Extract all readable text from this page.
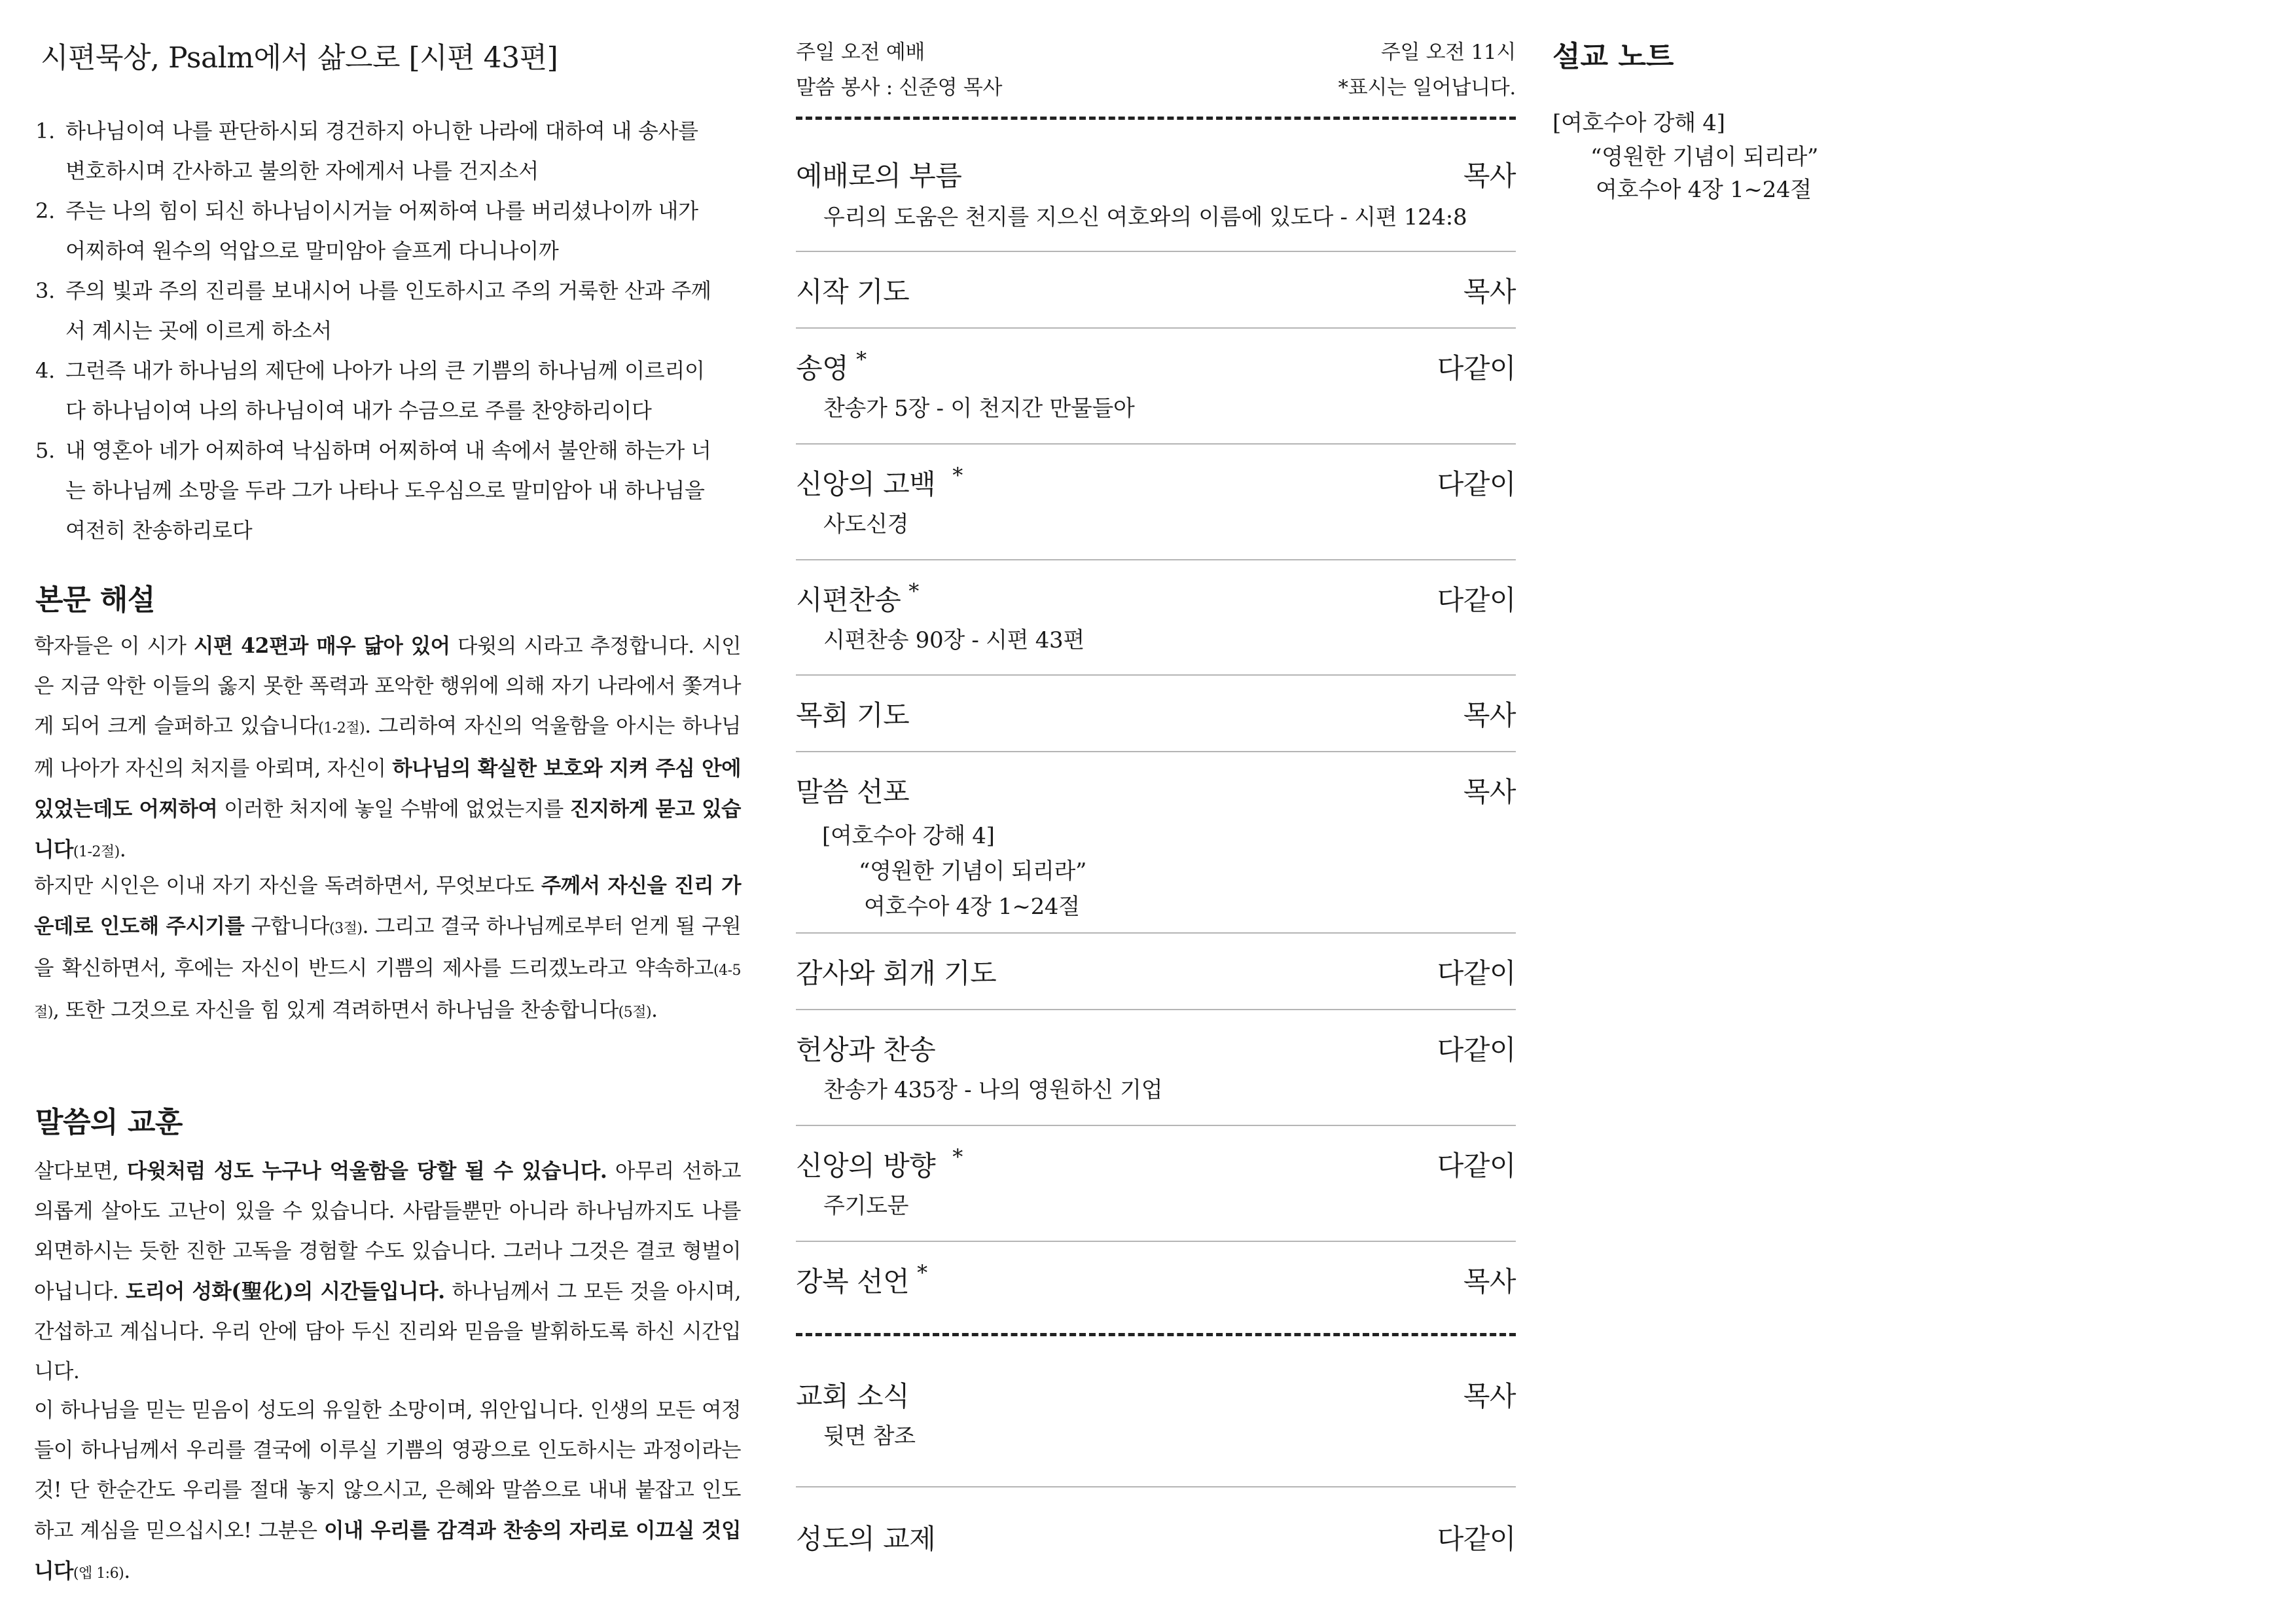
시편묵상, Psalm에서 삶으로 [시편 43편]
1. 하나님이여 나를 판단하시되 경건하지 아니한 나라에 대하여 내 송사를
변호하시며 간사하고 불의한 자에게서 나를 건지소서
2. 주는 나의 힘이 되신 하나님이시거늘 어찌하여 나를 버리셨나이까 내가
어찌하여 원수의 억압으로 말미암아 슬프게 다니나이까
3. 주의 빛과 주의 진리를 보내시어 나를 인도하시고 주의 거룩한 산과 주께
서 계시는 곳에 이르게 하소서
4. 그런즉 내가 하나님의 제단에 나아가 나의 큰 기쁨의 하나님께 이르리이
다 하나님이여 나의 하나님이여 내가 수금으로 주를 찬양하리이다
5. 내 영혼아 네가 어찌하여 낙심하며 어찌하여 내 속에서 불안해 하는가 너
는 하나님께 소망을 두라 그가 나타나 도우심으로 말미암아 내 하나님을
여전히 찬송하리로다
본문 해설

학자들은 이 시가 시편 42편과 매우 닮아 있어 다윗의 시라고 추정합니다. 시인은 지금 악한 이들의 옳지 못한 폭력과 포악한 행위에 의해 자기 나라에서 쫓겨나게 되어 크게 슬퍼하고 있습니다(1-2절). 그리하여 자신의 억울함을 아시는 하나님께 나아가 자신의 처지를 아뢰며, 자신이 하나님의 확실한 보호와 지켜 주심 안에 있었는데도 어찌하여 이러한 처지에 놓일 수밖에 없었는지를 진지하게 묻고 있습니다(1-2절).

하지만 시인은 이내 자기 자신을 독려하면서, 무엇보다도 주께서 자신을 진리 가운데로 인도해 주시기를 구합니다(3절). 그리고 결국 하나님께로부터 얻게 될 구원을 확신하면서, 후에는 자신이 반드시 기쁨의 제사를 드리겠노라고 약속하고(4-5절), 또한 그것으로 자신을 힘 있게 격려하면서 하나님을 찬송합니다(5절).

말씀의 교훈

살다보면, 다윗처럼 성도 누구나 억울함을 당할 될 수 있습니다. 아무리 선하고 의롭게 살아도 고난이 있을 수 있습니다. 사람들뿐만 아니라 하나님까지도 나를 외면하시는 듯한 진한 고독을 경험할 수도 있습니다. 그러나 그것은 결코 형벌이 아닙니다. 도리어 성화(聖化)의 시간들입니다. 하나님께서 그 모든 것을 아시며, 간섭하고 계십니다. 우리 안에 담아 두신 진리와 믿음을 발휘하도록 하신 시간입니다.

이 하나님을 믿는 믿음이 성도의 유일한 소망이며, 위안입니다. 인생의 모든 여정들이 하나님께서 우리를 결국에 이루실 기쁨의 영광으로 인도하시는 과정이라는 것! 단 한순간도 우리를 절대 놓지 않으시고, 은혜와 말씀으로 내내 붙잡고 인도하고 계심을 믿으십시오! 그분은 이내 우리를 감격과 찬송의 자리로 이끄실 것입니다(엡 1:6).

주일 오전 예배	주일 오전 11시
말씀 봉사 : 신준영 목사	*표시는 일어납니다.
예배로의 부름	목사
우리의 도움은 천지를 지으신 여호와의 이름에 있도다 - 시편 124:8
시작 기도	목사
송영 *	다같이
찬송가 5장 - 이 천지간 만물들아
신앙의 고백 *	다같이
사도신경
시편찬송 *	다같이
시편찬송 90장 - 시편 43편
목회 기도	목사
말씀 선포	목사
[여호수아 강해 4]
“영원한 기념이 되리라”
여호수아 4장 1~24절
감사와 회개 기도	다같이
헌상과 찬송	다같이
찬송가 435장 - 나의 영원하신 기업
신앙의 방향 *	다같이
주기도문
강복 선언 *	목사
교회 소식	목사
뒷면 참조
성도의 교제	다같이
설교 노트
[여호수아 강해 4]
“영원한 기념이 되리라”
여호수아 4장 1~24절
